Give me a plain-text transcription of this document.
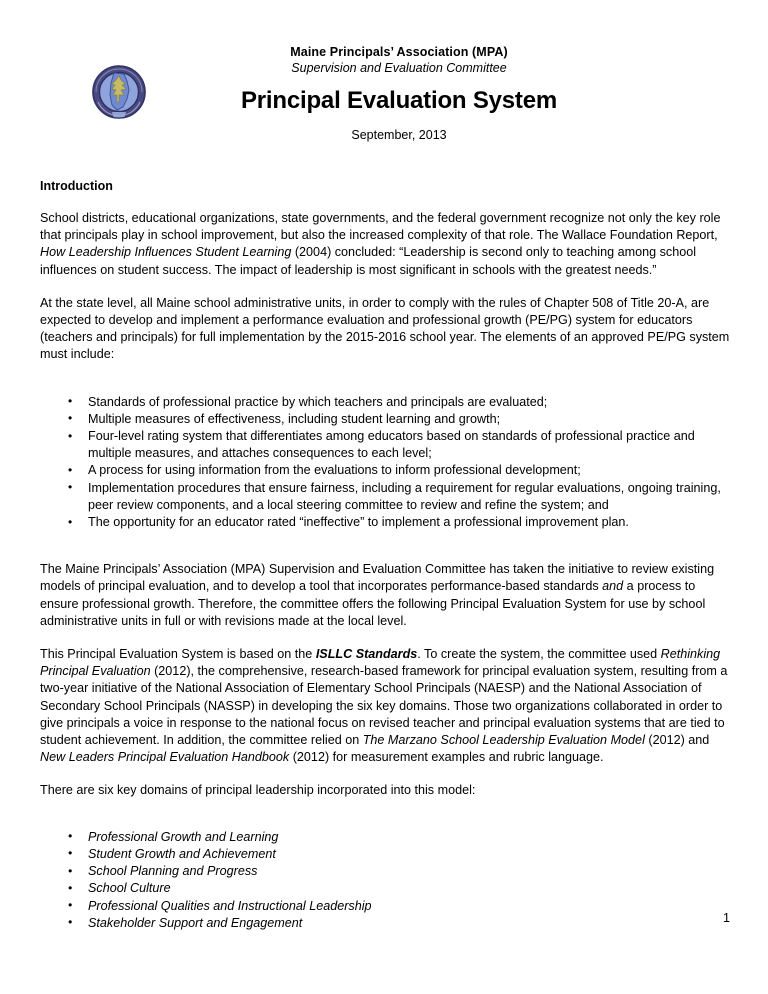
Maine Principals’ Association (MPA)
Supervision and Evaluation Committee
Principal Evaluation System
September, 2013
Introduction

School districts, educational organizations, state governments, and the federal government recognize not only the key role that principals play in school improvement, but also the increased complexity of that role. The Wallace Foundation Report, How Leadership Influences Student Learning (2004) concluded: “Leadership is second only to teaching among school influences on student success. The impact of leadership is most significant in schools with the greatest needs.”

At the state level, all Maine school administrative units, in order to comply with the rules of Chapter 508 of Title 20-A, are expected to develop and implement a performance evaluation and professional growth (PE/PG) system for educators (teachers and principals) for full implementation by the 2015-2016 school year. The elements of an approved PE/PG system must include:

• Standards of professional practice by which teachers and principals are evaluated;
• Multiple measures of effectiveness, including student learning and growth;
• Four-level rating system that differentiates among educators based on standards of professional practice and multiple measures, and attaches consequences to each level;
• A process for using information from the evaluations to inform professional development;
• Implementation procedures that ensure fairness, including a requirement for regular evaluations, ongoing training, peer review components, and a local steering committee to review and refine the system; and
• The opportunity for an educator rated “ineffective” to implement a professional improvement plan.

The Maine Principals’ Association (MPA) Supervision and Evaluation Committee has taken the initiative to review existing models of principal evaluation, and to develop a tool that incorporates performance-based standards and a process to ensure professional growth. Therefore, the committee offers the following Principal Evaluation System for use by school administrative units in full or with revisions made at the local level.

This Principal Evaluation System is based on the ISLLC Standards. To create the system, the committee used Rethinking Principal Evaluation (2012), the comprehensive, research-based framework for principal evaluation system, resulting from a two-year initiative of the National Association of Elementary School Principals (NAESP) and the National Association of Secondary School Principals (NASSP) in developing the six key domains. Those two organizations collaborated in order to give principals a voice in response to the national focus on revised teacher and principal evaluation systems that are tied to student achievement. In addition, the committee relied on The Marzano School Leadership Evaluation Model (2012) and New Leaders Principal Evaluation Handbook (2012) for measurement examples and rubric language.

There are six key domains of principal leadership incorporated into this model:

• Professional Growth and Learning
• Student Growth and Achievement
• School Planning and Progress
• School Culture
• Professional Qualities and Instructional Leadership
• Stakeholder Support and Engagement	1
